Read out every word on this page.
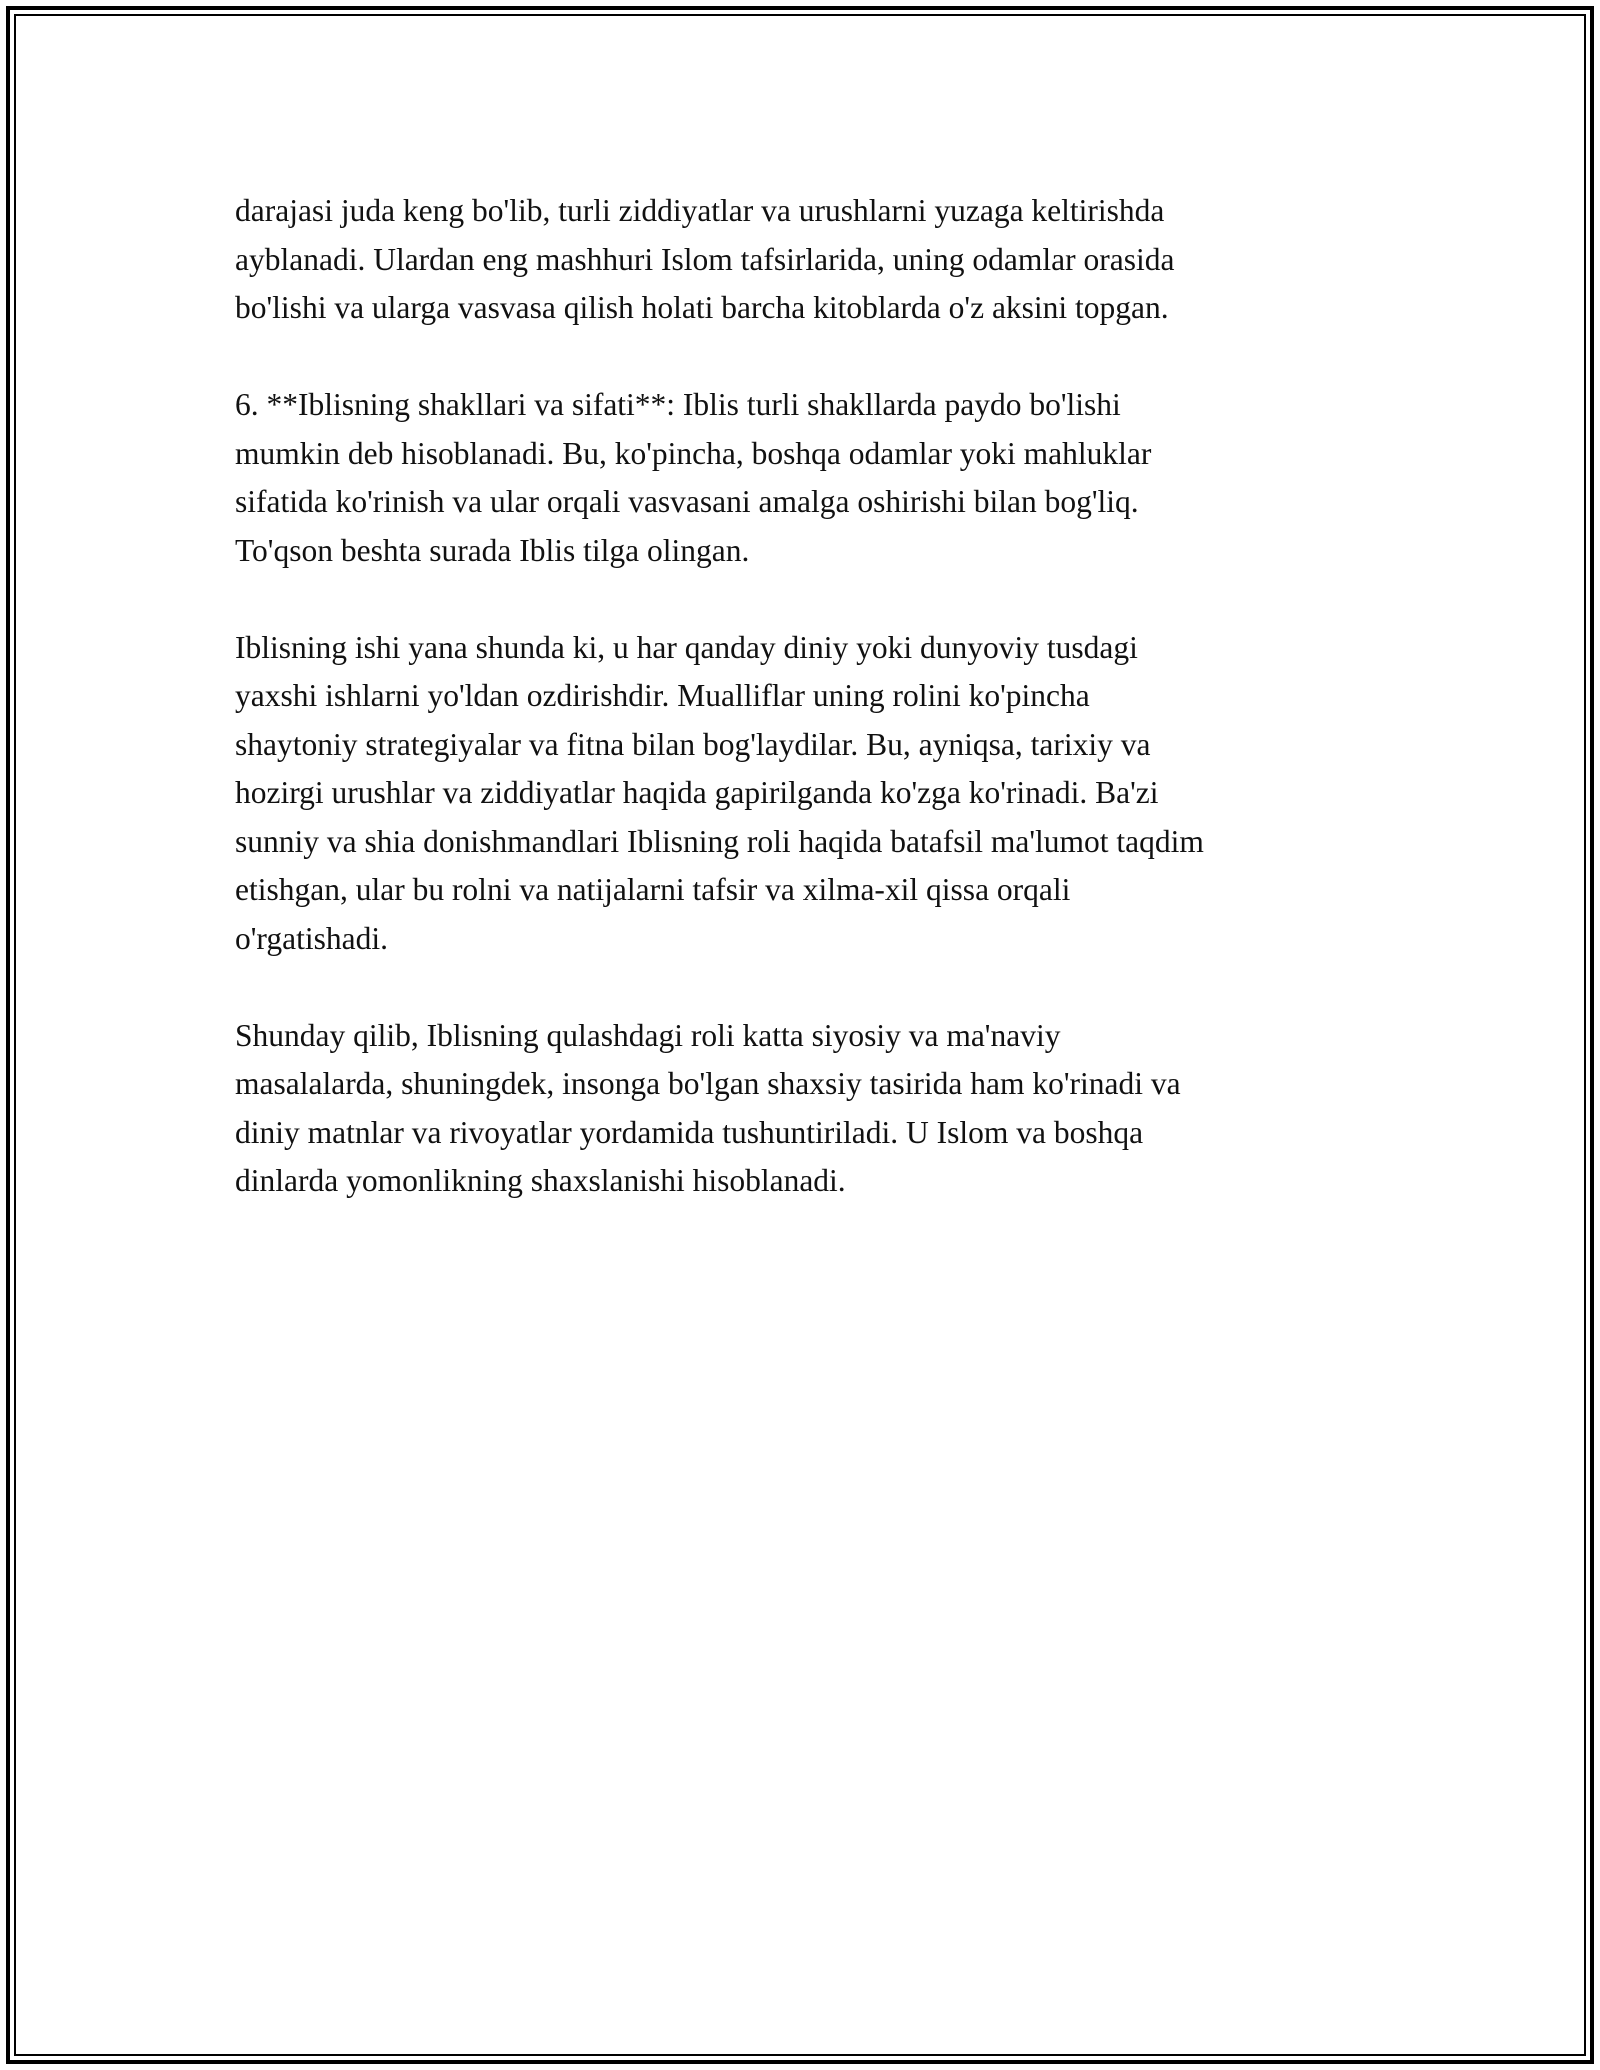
darajasi juda keng bo'lib, turli ziddiyatlar va urushlarni yuzaga keltirishda
ayblanadi. Ulardan eng mashhuri Islom tafsirlarida, uning odamlar orasida
bo'lishi va ularga vasvasa qilish holati barcha kitoblarda o'z aksini topgan.

6. **Iblisning shakllari va sifati**: Iblis turli shakllarda paydo bo'lishi
mumkin deb hisoblanadi. Bu, ko'pincha, boshqa odamlar yoki mahluklar
sifatida ko'rinish va ular orqali vasvasani amalga oshirishi bilan bog'liq.
To'qson beshta surada Iblis tilga olingan.

Iblisning ishi yana shunda ki, u har qanday diniy yoki dunyoviy tusdagi
yaxshi ishlarni yo'ldan ozdirishdir. Mualliflar uning rolini ko'pincha
shaytoniy strategiyalar va fitna bilan bog'laydilar. Bu, ayniqsa, tarixiy va
hozirgi urushlar va ziddiyatlar haqida gapirilganda ko'zga ko'rinadi. Ba'zi
sunniy va shia donishmandlari Iblisning roli haqida batafsil ma'lumot taqdim
etishgan, ular bu rolni va natijalarni tafsir va xilma-xil qissa orqali
o'rgatishadi.

Shunday qilib, Iblisning qulashdagi roli katta siyosiy va ma'naviy
masalalarda, shuningdek, insonga bo'lgan shaxsiy tasirida ham ko'rinadi va
diniy matnlar va rivoyatlar yordamida tushuntiriladi. U Islom va boshqa
dinlarda yomonlikning shaxslanishi hisoblanadi.
